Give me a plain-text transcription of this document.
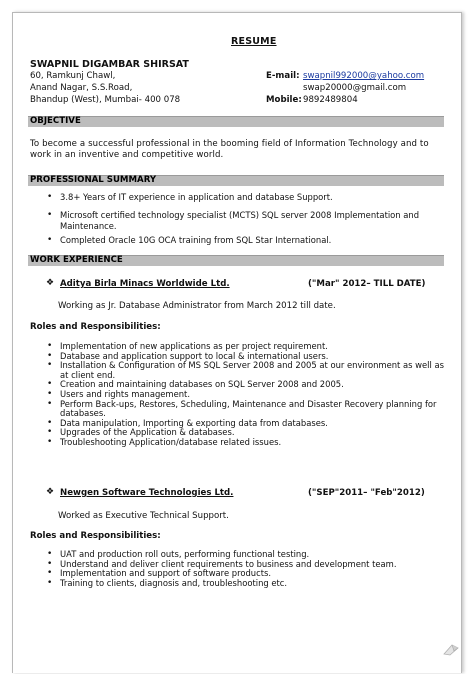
RESUME
SWAPNIL DIGAMBAR SHIRSAT
60, Ramkunj Chawl,
Anand Nagar, S.S.Road,
Bhandup (West), Mumbai- 400 078
E-mail: swapnil992000@yahoo.com
swap20000@gmail.com
Mobile: 9892489804
OBJECTIVE
To become a successful professional in the booming field of Information Technology and to
work in an inventive and competitive world.
PROFESSIONAL SUMMARY
• 3.8+ Years of IT experience in application and database Support.
• Microsoft certified technology specialist (MCTS) SQL server 2008 Implementation and
Maintenance.
• Completed Oracle 10G OCA training from SQL Star International.
WORK EXPERIENCE
❖ Aditya Birla Minacs Worldwide Ltd.	("Mar" 2012– TILL DATE)
Working as Jr. Database Administrator from March 2012 till date.
Roles and Responsibilities:
• Implementation of new applications as per project requirement.
• Database and application support to local & international users.
• Installation & Configuration of MS SQL Server 2008 and 2005 at our environment as well as
at client end.
• Creation and maintaining databases on SQL Server 2008 and 2005.
• Users and rights management.
• Perform Back-ups, Restores, Scheduling, Maintenance and Disaster Recovery planning for
databases.
• Data manipulation, Importing & exporting data from databases.
• Upgrades of the Application & databases.
• Troubleshooting Application/database related issues.
❖ Newgen Software Technologies Ltd.	("SEP"2011– "Feb"2012)
Worked as Executive Technical Support.
Roles and Responsibilities:
• UAT and production roll outs, performing functional testing.
• Understand and deliver client requirements to business and development team.
• Implementation and support of software products.
• Training to clients, diagnosis and, troubleshooting etc.
